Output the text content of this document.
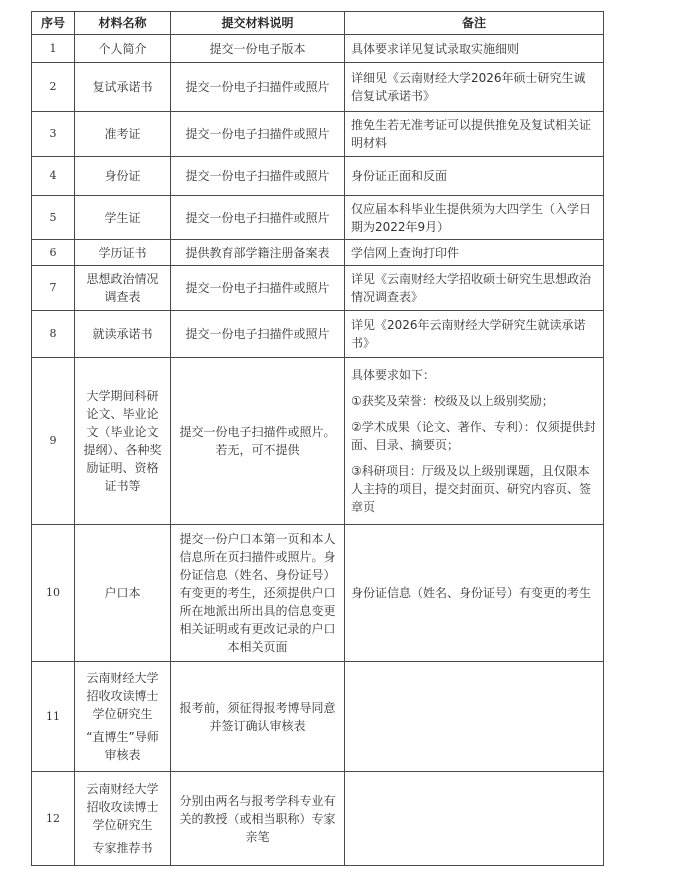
序号	材料名称	提交材料说明	备注
1	个人简介	提交一份电子版本	具体要求详见复试录取实施细则
2	复试承诺书	提交一份电子扫描件或照片	详细见《云南财经大学2026年硕士研究生诚信复试承诺书》
3	准考证	提交一份电子扫描件或照片	推免生若无准考证可以提供推免及复试相关证明材料
4	身份证	提交一份电子扫描件或照片	身份证正面和反面
5	学生证	提交一份电子扫描件或照片	仅应届本科毕业生提供须为大四学生（入学日期为2022年9月）
6	学历证书	提供教育部学籍注册备案表	学信网上查询打印件
7	思想政治情况调查表	提交一份电子扫描件或照片	详见《云南财经大学招收硕士研究生思想政治情况调查表》
8	就读承诺书	提交一份电子扫描件或照片	详见《2026年云南财经大学研究生就读承诺书》
9	大学期间科研论文、毕业论文（毕业论文提纲）、各种奖励证明、资格证书等	提交一份电子扫描件或照片。若无，可不提供	具体要求如下：

①获奖及荣誉：校级及以上级别奖励；

②学术成果（论文、著作、专利）：仅须提供封面、目录、摘要页；

③科研项目：厅级及以上级别课题，且仅限本人主持的项目，提交封面页、研究内容页、签章页

10	户口本	提交一份户口本第一页和本人信息所在页扫描件或照片。身份证信息（姓名、身份证号）有变更的考生，还须提供户口所在地派出所出具的信息变更相关证明或有更改记录的户口本相关页面	身份证信息（姓名、身份证号）有变更的考生
11	云南财经大学招收攻读博士学位研究生
“直博生”导师审核表	报考前，须征得报考博导同意并签订确认审核表	
12	云南财经大学招收攻读博士学位研究生
专家推荐书	分别由两名与报考学科专业有关的教授（或相当职称）专家亲笔	
